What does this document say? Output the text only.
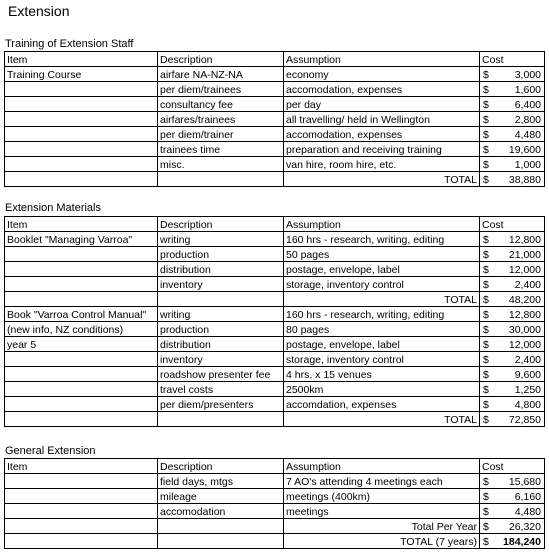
Extension
Training of Extension Staff
Item	Description	Assumption	Cost
Training Course	airfare NA-NZ-NA	economy	$ 3,000

	per diem/trainees	accomodation, expenses	$ 1,600

	consultancy fee	per day	$ 6,400

	airfares/trainees	all travelling/ held in Wellington	$ 2,800

	per diem/trainer	accomodation, expenses	$ 4,480

	trainees time	preparation and receiving training	$ 19,600

	misc.	van hire, room hire, etc.	$ 1,000

		TOTAL	$ 38,880
Extension Materials
Item	Description	Assumption	Cost
Booklet "Managing Varroa"	writing	160 hrs - research, writing, editing	$ 12,800

	production	50 pages	$ 21,000

	distribution	postage, envelope, label	$ 12,000

	inventory	storage, inventory control	$ 2,400

		TOTAL	$ 48,200

Book "Varroa Control Manual"	writing	160 hrs - research, writing, editing	$ 12,800

(new info, NZ conditions)	production	80 pages	$ 30,000

year 5	distribution	postage, envelope, label	$ 12,000

	inventory	storage, inventory control	$ 2,400

	roadshow presenter fee	4 hrs. x 15 venues	$ 9,600

	travel costs	2500km	$ 1,250

	per diem/presenters	accomdation, expenses	$ 4,800

		TOTAL	$ 72,850
General Extension
Item	Description	Assumption	Cost
	field days, mtgs	7 AO's attending 4 meetings each	$ 15,680

	mileage	meetings (400km)	$ 6,160

	accomodation	meetings	$ 4,480

		Total Per Year	$ 26,320

		TOTAL (7 years)	$ 184,240
